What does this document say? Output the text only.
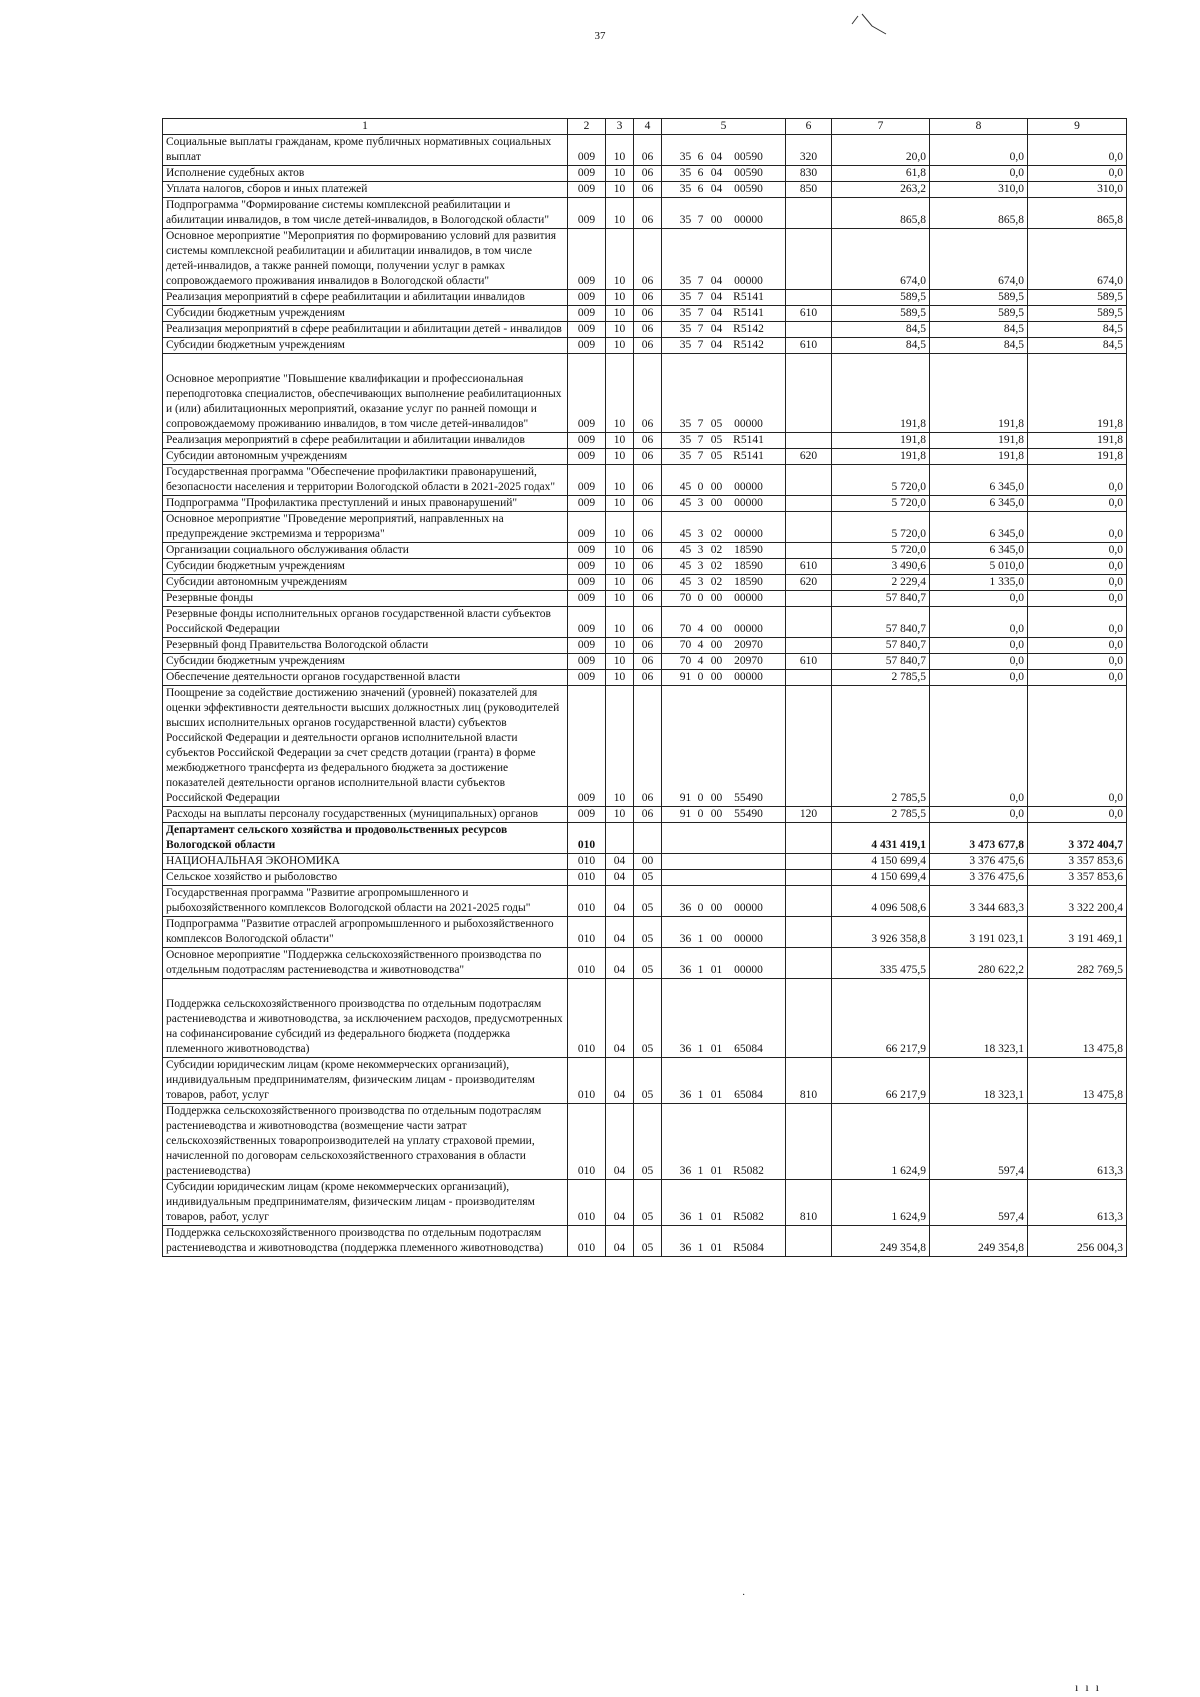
37
1	2	3	4	5	6	7	8	9
Социальные выплаты гражданам, кроме публичных нормативных социальных выплат	009	10	06	35 6 04 00590	320	20,0	0,0	0,0
Исполнение судебных актов	009	10	06	35 6 04 00590	830	61,8	0,0	0,0
Уплата налогов, сборов и иных платежей	009	10	06	35 6 04 00590	850	263,2	310,0	310,0
Подпрограмма "Формирование системы комплексной реабилитации и абилитации инвалидов, в том числе детей-инвалидов, в Вологодской области"	009	10	06	35 7 00 00000		865,8	865,8	865,8
Основное мероприятие "Мероприятия по формированию условий для развития системы комплексной реабилитации и абилитации инвалидов, в том числе детей-инвалидов, а также ранней помощи, получении услуг в рамках сопровождаемого проживания инвалидов в Вологодской области"	009	10	06	35 7 04 00000		674,0	674,0	674,0
Реализация мероприятий в сфере реабилитации и абилитации инвалидов	009	10	06	35 7 04 R5141		589,5	589,5	589,5
Субсидии бюджетным учреждениям	009	10	06	35 7 04 R5141	610	589,5	589,5	589,5
Реализация мероприятий в сфере реабилитации и абилитации детей - инвалидов	009	10	06	35 7 04 R5142		84,5	84,5	84,5
Субсидии бюджетным учреждениям	009	10	06	35 7 04 R5142	610	84,5	84,5	84,5
Основное мероприятие "Повышение квалификации и профессиональная переподготовка специалистов, обеспечивающих выполнение реабилитационных и (или) абилитационных мероприятий, оказание услуг по ранней помощи и сопровождаемому проживанию инвалидов, в том числе детей-инвалидов"	009	10	06	35 7 05 00000		191,8	191,8	191,8
Реализация мероприятий в сфере реабилитации и абилитации инвалидов	009	10	06	35 7 05 R5141		191,8	191,8	191,8
Субсидии автономным учреждениям	009	10	06	35 7 05 R5141	620	191,8	191,8	191,8
Государственная программа "Обеспечение профилактики правонарушений, безопасности населения и территории Вологодской области в 2021-2025 годах"	009	10	06	45 0 00 00000		5 720,0	6 345,0	0,0
Подпрограмма "Профилактика преступлений и иных правонарушений"	009	10	06	45 3 00 00000		5 720,0	6 345,0	0,0
Основное мероприятие "Проведение мероприятий, направленных на предупреждение экстремизма и терроризма"	009	10	06	45 3 02 00000		5 720,0	6 345,0	0,0
Организации социального обслуживания области	009	10	06	45 3 02 18590		5 720,0	6 345,0	0,0
Субсидии бюджетным учреждениям	009	10	06	45 3 02 18590	610	3 490,6	5 010,0	0,0
Субсидии автономным учреждениям	009	10	06	45 3 02 18590	620	2 229,4	1 335,0	0,0
Резервные фонды	009	10	06	70 0 00 00000		57 840,7	0,0	0,0
Резервные фонды исполнительных органов государственной власти субъектов Российской Федерации	009	10	06	70 4 00 00000		57 840,7	0,0	0,0
Резервный фонд Правительства Вологодской области	009	10	06	70 4 00 20970		57 840,7	0,0	0,0
Субсидии бюджетным учреждениям	009	10	06	70 4 00 20970	610	57 840,7	0,0	0,0
Обеспечение деятельности органов государственной власти	009	10	06	91 0 00 00000		2 785,5	0,0	0,0
Поощрение за содействие достижению значений (уровней) показателей для оценки эффективности деятельности высших должностных лиц (руководителей высших исполнительных органов государственной власти) субъектов Российской Федерации и деятельности органов исполнительной власти субъектов Российской Федерации за счет средств дотации (гранта) в форме межбюджетного трансферта из федерального бюджета за достижение показателей деятельности органов исполнительной власти субъектов Российской Федерации	009	10	06	91 0 00 55490		2 785,5	0,0	0,0
Расходы на выплаты персоналу государственных (муниципальных) органов	009	10	06	91 0 00 55490	120	2 785,5	0,0	0,0
Департамент сельского хозяйства и продовольственных ресурсов Вологодской области	010					4 431 419,1	3 473 677,8	3 372 404,7
НАЦИОНАЛЬНАЯ ЭКОНОМИКА	010	04	00			4 150 699,4	3 376 475,6	3 357 853,6
Сельское хозяйство и рыболовство	010	04	05			4 150 699,4	3 376 475,6	3 357 853,6
Государственная программа "Развитие агропромышленного и рыбохозяйственного комплексов Вологодской области на 2021-2025 годы"	010	04	05	36 0 00 00000		4 096 508,6	3 344 683,3	3 322 200,4
Подпрограмма "Развитие отраслей агропромышленного и рыбохозяйственного комплексов Вологодской области"	010	04	05	36 1 00 00000		3 926 358,8	3 191 023,1	3 191 469,1
Основное мероприятие "Поддержка сельскохозяйственного производства по отдельным подотраслям растениеводства и животноводства"	010	04	05	36 1 01 00000		335 475,5	280 622,2	282 769,5
Поддержка сельскохозяйственного производства по отдельным подотраслям растениеводства и животноводства, за исключением расходов, предусмотренных на софинансирование субсидий из федерального бюджета (поддержка племенного животноводства)	010	04	05	36 1 01 65084		66 217,9	18 323,1	13 475,8
Субсидии юридическим лицам (кроме некоммерческих организаций), индивидуальным предпринимателям, физическим лицам - производителям товаров, работ, услуг	010	04	05	36 1 01 65084	810	66 217,9	18 323,1	13 475,8
Поддержка сельскохозяйственного производства по отдельным подотраслям растениеводства и животноводства (возмещение части затрат сельскохозяйственных товаропроизводителей на уплату страховой премии, начисленной по договорам сельскохозяйственного страхования в области растениеводства)	010	04	05	36 1 01 R5082		1 624,9	597,4	613,3
Субсидии юридическим лицам (кроме некоммерческих организаций), индивидуальным предпринимателям, физическим лицам - производителям товаров, работ, услуг	010	04	05	36 1 01 R5082	810	1 624,9	597,4	613,3
Поддержка сельскохозяйственного производства по отдельным подотраслям растениеводства и животноводства (поддержка племенного животноводства)	010	04	05	36 1 01 R5084		249 354,8	249 354,8	256 004,3
·
ı ı ı
